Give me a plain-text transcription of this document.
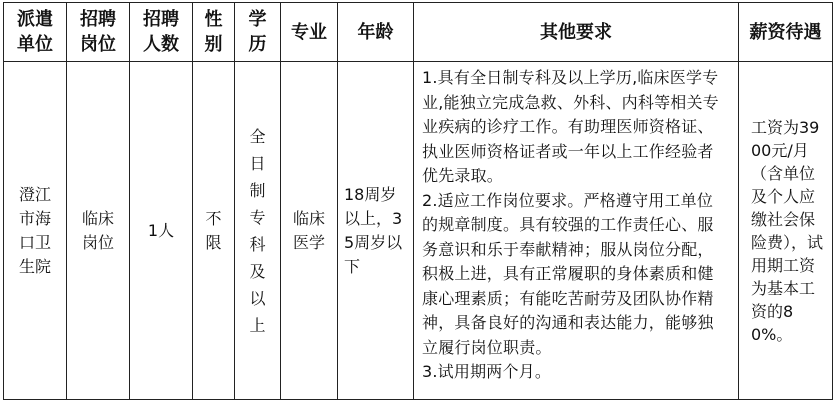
派遣单位	招聘岗位	招聘人数	性别	学历	专业	年龄	其他要求	薪资待遇
澄江市海口卫生院	临床岗位	1人	不限	全日制专科及以上	临床医学	18周岁以上，35周岁以下	1.具有全日制专科及以上学历,临床医学专业,能独立完成急救、外科、内科等相关专业疾病的诊疗工作。有助理医师资格证、执业医师资格证者或一年以上工作经验者优先录取。

2.适应工作岗位要求。严格遵守用工单位的规章制度。具有较强的工作责任心、服务意识和乐于奉献精神；服从岗位分配，积极上进，具有正常履职的身体素质和健康心理素质；有能吃苦耐劳及团队协作精神，具备良好的沟通和表达能力，能够独立履行岗位职责。

3.试用期两个月。	工资为3900元/月（含单位及个人应缴社会保险费），试用期工资为基本工资的80%。
